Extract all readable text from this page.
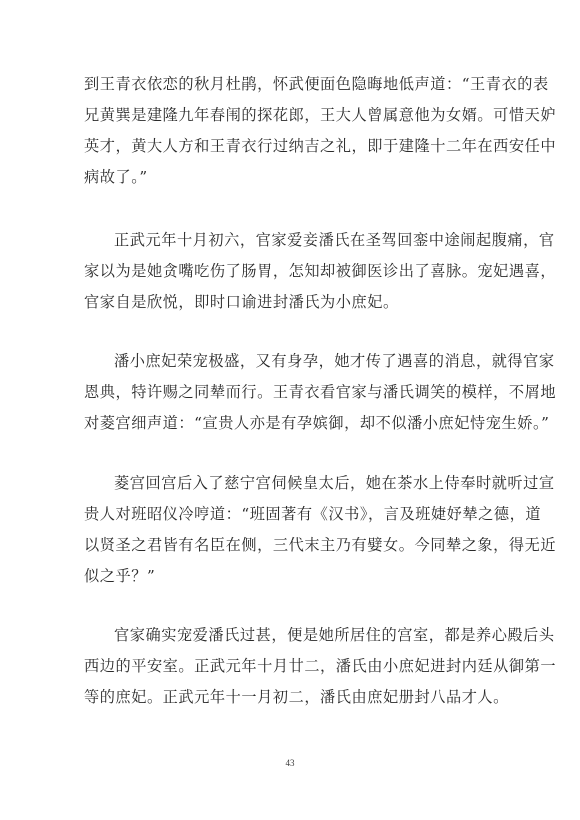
到王青衣依恋的秋月杜鹃，怀武便面色隐晦地低声道：“王青衣的表
兄黄巽是建隆九年春闱的探花郎，王大人曾属意他为女婿。可惜天妒
英才，黄大人方和王青衣行过纳吉之礼，即于建隆十二年在西安任中
病故了。”
正武元年十月初六，官家爱妾潘氏在圣驾回銮中途闹起腹痛，官
家以为是她贪嘴吃伤了肠胃，怎知却被御医诊出了喜脉。宠妃遇喜，
官家自是欣悦，即时口谕进封潘氏为小庶妃。
潘小庶妃荣宠极盛，又有身孕，她才传了遇喜的消息，就得官家
恩典，特许赐之同辇而行。王青衣看官家与潘氏调笑的模样，不屑地
对菱宫细声道：“宣贵人亦是有孕嫔御，却不似潘小庶妃恃宠生娇。”
菱宫回宫后入了慈宁宫伺候皇太后，她在茶水上侍奉时就听过宣
贵人对班昭仪冷哼道：“班固著有《汉书》，言及班婕妤辇之德，道
以贤圣之君皆有名臣在侧，三代末主乃有嬖女。今同辇之象，得无近
似之乎？”
官家确实宠爱潘氏过甚，便是她所居住的宫室，都是养心殿后头
西边的平安室。正武元年十月廿二，潘氏由小庶妃进封内廷从御第一
等的庶妃。正武元年十一月初二，潘氏由庶妃册封八品才人。
43
